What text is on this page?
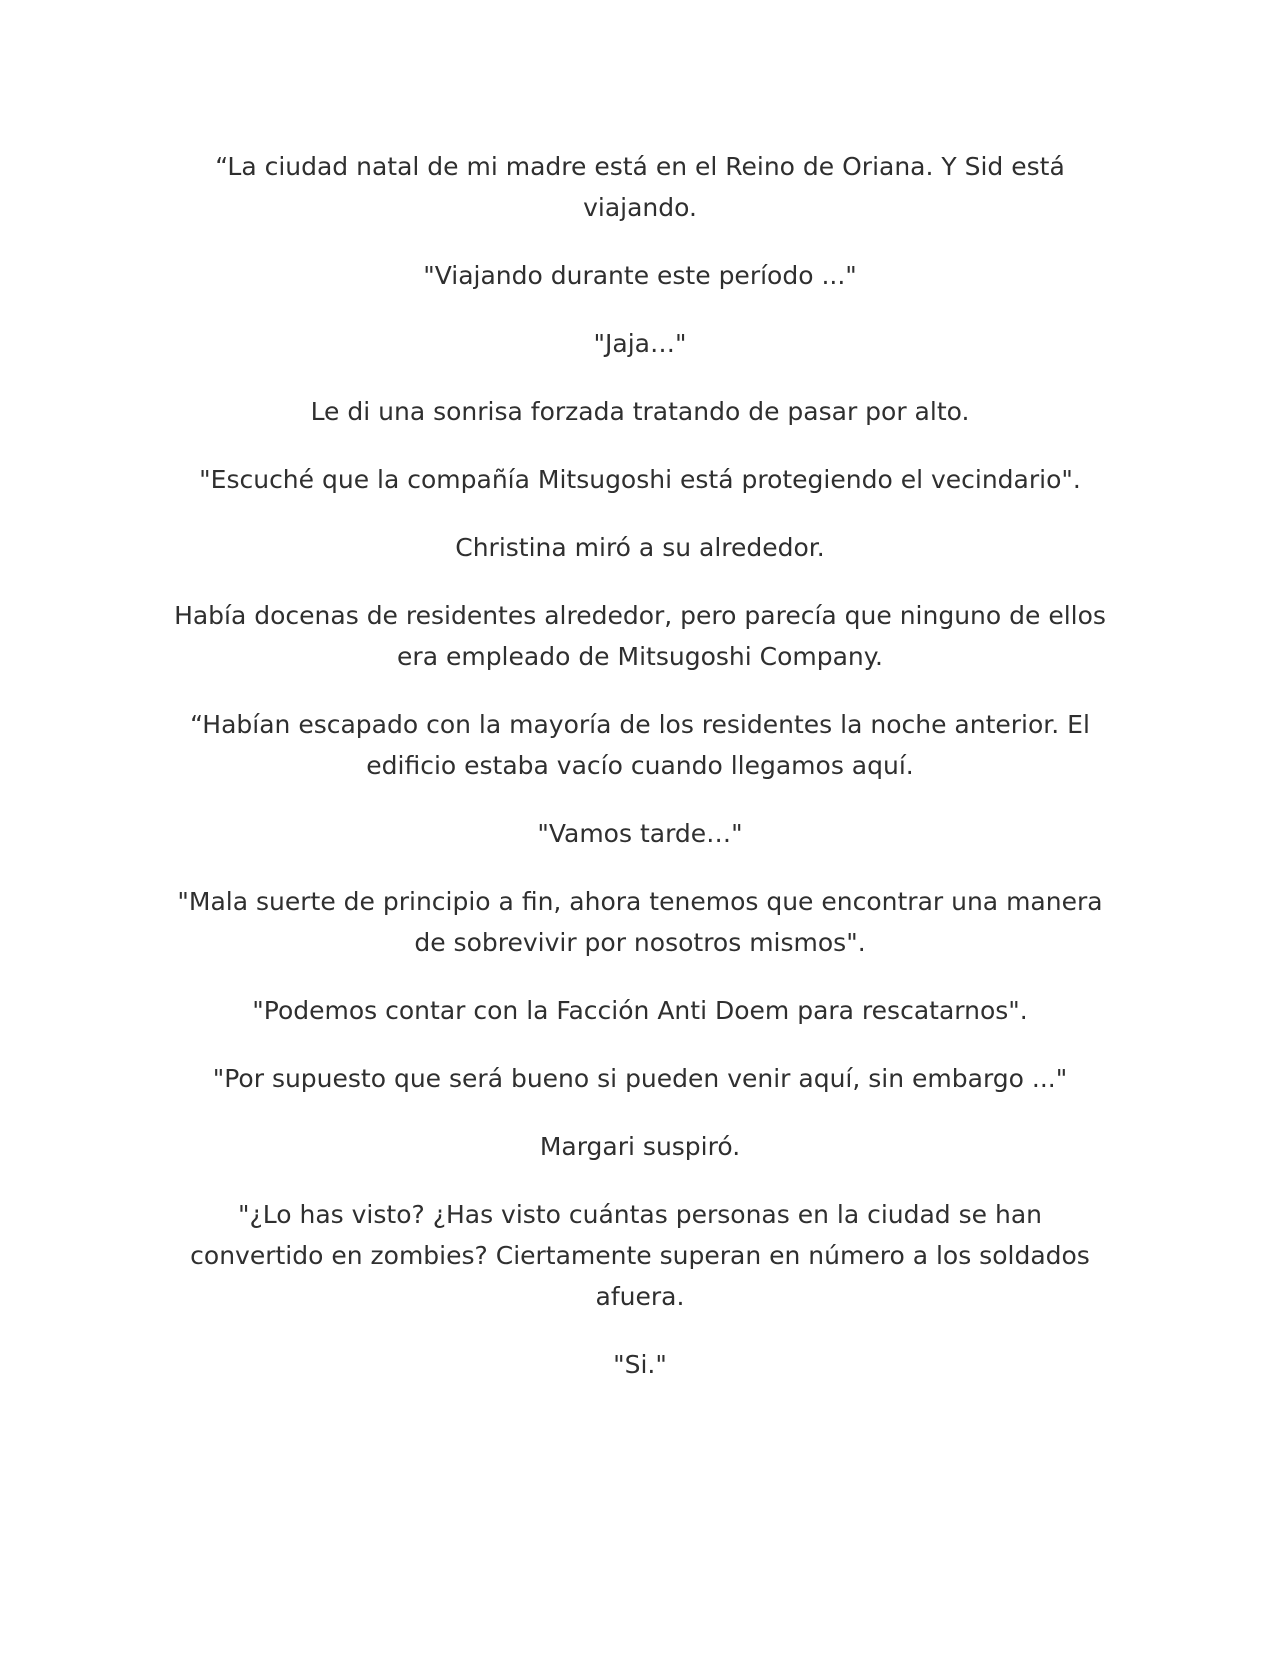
“La ciudad natal de mi madre está en el Reino de Oriana. Y Sid está viajando.

"Viajando durante este período ..."

"Jaja…"

Le di una sonrisa forzada tratando de pasar por alto.

"Escuché que la compañía Mitsugoshi está protegiendo el vecindario".

Christina miró a su alrededor.

Había docenas de residentes alrededor, pero parecía que ninguno de ellos era empleado de Mitsugoshi Company.

“Habían escapado con la mayoría de los residentes la noche anterior. El edificio estaba vacío cuando llegamos aquí.

"Vamos tarde…"

"Mala suerte de principio a fin, ahora tenemos que encontrar una manera de sobrevivir por nosotros mismos".

"Podemos contar con la Facción Anti Doem para rescatarnos".

"Por supuesto que será bueno si pueden venir aquí, sin embargo ..."

Margari suspiró.

"¿Lo has visto? ¿Has visto cuántas personas en la ciudad se han convertido en zombies? Ciertamente superan en número a los soldados afuera.

"Si."
